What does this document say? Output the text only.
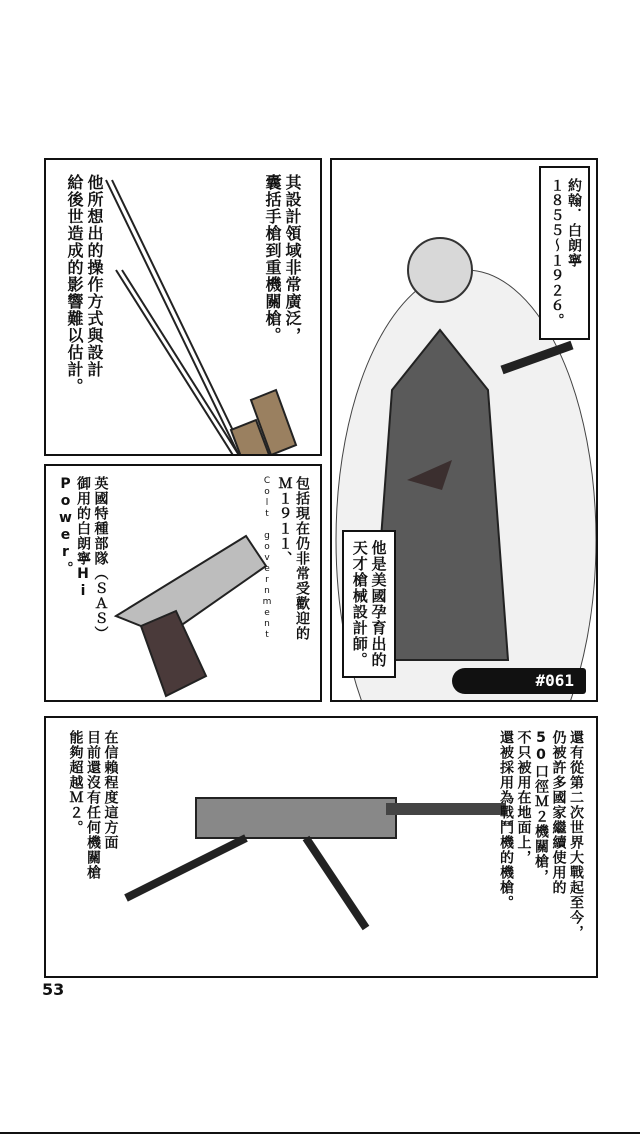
其設計領域非常廣泛，
囊括手槍到重機關槍。
他所想出的操作方式與設計
給後世造成的影響難以估計。	約翰．白朗寧
１８５５～１９２６。
他是美國孕育出的
天才槍械設計師。
#061
包括現在仍非常受歡迎的
Ｍ１９１１、
Colt government
英國特種部隊（ＳＡＳ）
御用的白朗寧Hi Power。
還有從第二次世界大戰起至今，
仍被許多國家繼續使用的
50口徑Ｍ２機關槍，
不只被用在地面上，
還被採用為戰鬥機的機槍。
在信賴程度這方面
目前還沒有任何機關槍
能夠超越Ｍ２。
53
